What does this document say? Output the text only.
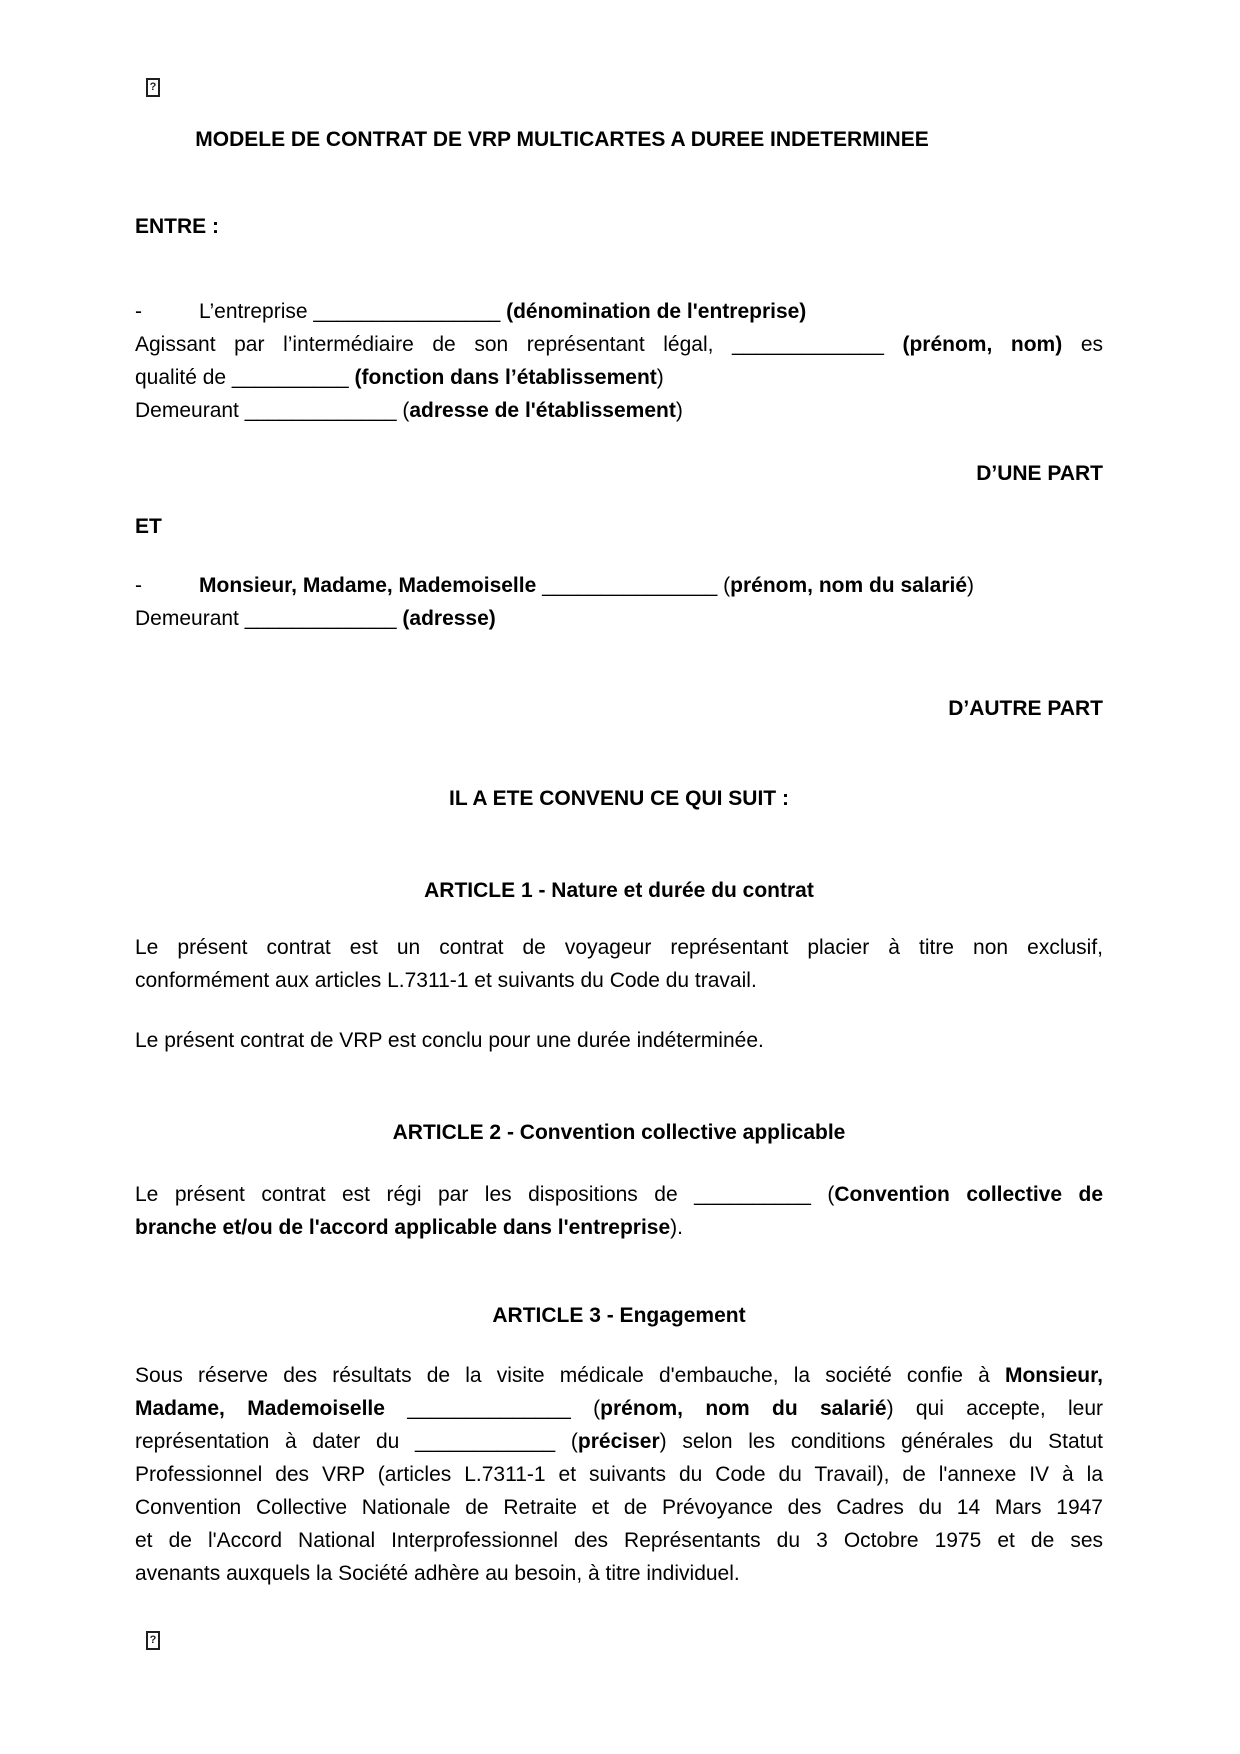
?
MODELE DE CONTRAT DE VRP MULTICARTES A DUREE INDETERMINEE
ENTRE :
-	L’entreprise ________________ (dénomination de l'entreprise)
Agissant par l’intermédiaire de son représentant légal, _____________ (prénom, nom) es
qualité de __________ (fonction dans l’établissement)
Demeurant _____________ (adresse de l'établissement)
D’UNE PART
ET
-	Monsieur, Madame, Mademoiselle _______________ (prénom, nom du salarié)
Demeurant _____________ (adresse)
D’AUTRE PART
IL A ETE CONVENU CE QUI SUIT :
ARTICLE 1 - Nature et durée du contrat
Le présent contrat est un contrat de voyageur représentant placier à titre non exclusif,
conformément aux articles L.7311-1 et suivants du Code du travail.
Le présent contrat de VRP est conclu pour une durée indéterminée.
ARTICLE 2 - Convention collective applicable
Le présent contrat est régi par les dispositions de __________ (Convention collective de
branche et/ou de l'accord applicable dans l'entreprise).
ARTICLE 3 - Engagement
Sous réserve des résultats de la visite médicale d'embauche, la société confie à Monsieur,
Madame, Mademoiselle ______________ (prénom, nom du salarié) qui accepte, leur
représentation à dater du ____________ (préciser) selon les conditions générales du Statut
Professionnel des VRP (articles L.7311-1 et suivants du Code du Travail), de l'annexe IV à la
Convention Collective Nationale de Retraite et de Prévoyance des Cadres du 14 Mars 1947
et de l'Accord National Interprofessionnel des Représentants du 3 Octobre 1975 et de ses
avenants auxquels la Société adhère au besoin, à titre individuel.
?
